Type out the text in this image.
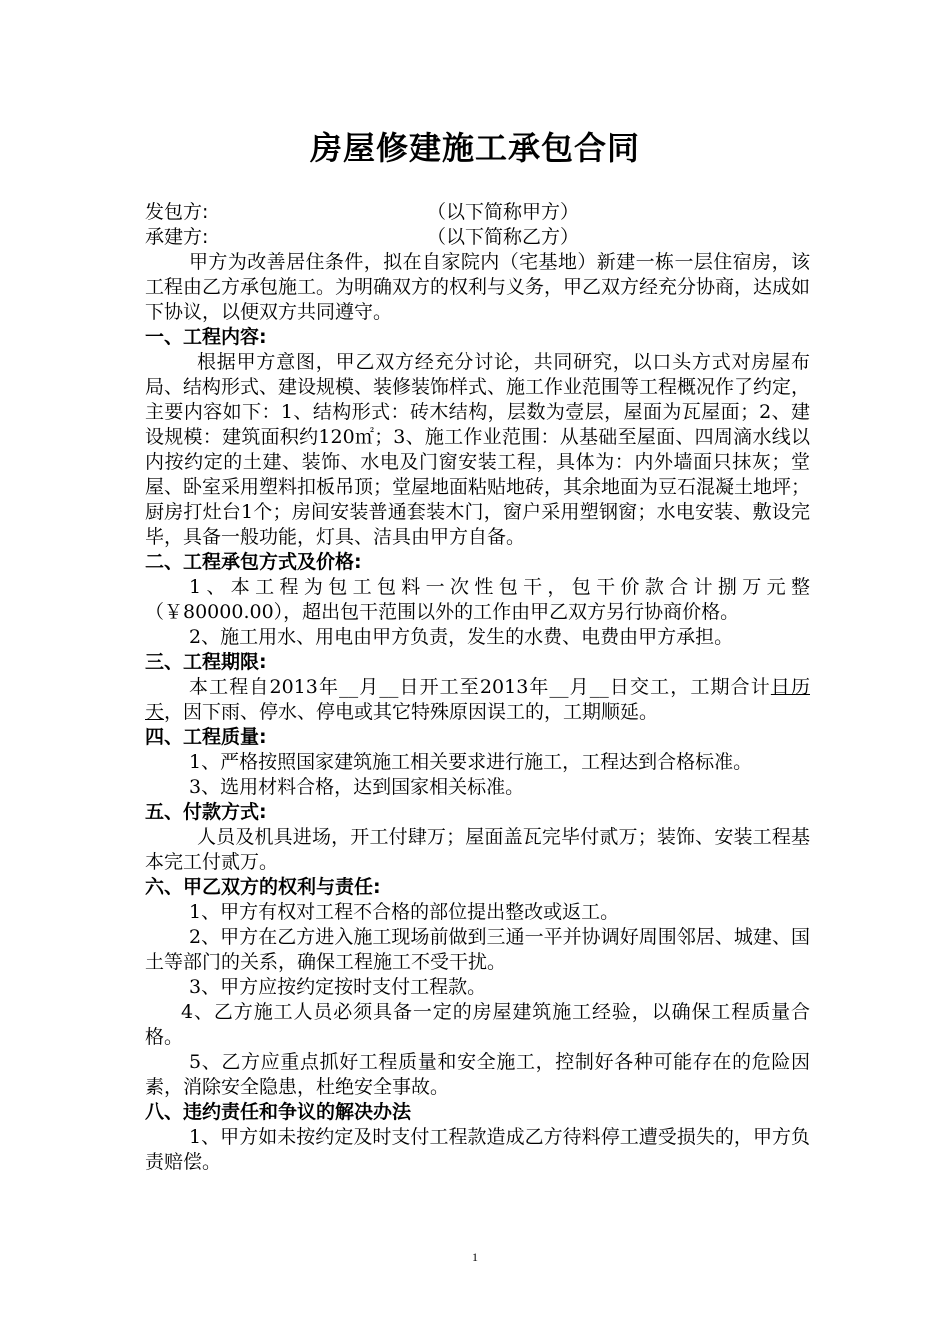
房屋修建施工承包合同
发包方:	（以下简称甲方）
承建方:	（以下简称乙方）

甲方为改善居住条件，拟在自家院内（宅基地）新建一栋一层住宿房，该工程由乙方承包施工。为明确双方的权利与义务，甲乙双方经充分协商，达成如下协议，以便双方共同遵守。

一、工程内容:

根据甲方意图，甲乙双方经充分讨论，共同研究，以口头方式对房屋布局、结构形式、建设规模、装修装饰样式、施工作业范围等工程概况作了约定，主要内容如下：1、结构形式：砖木结构，层数为壹层，屋面为瓦屋面；2、建设规模：建筑面积约120㎡；3、施工作业范围：从基础至屋面、四周滴水线以内按约定的土建、装饰、水电及门窗安装工程，具体为：内外墙面只抹灰；堂屋、卧室采用塑料扣板吊顶；堂屋地面粘贴地砖，其余地面为豆石混凝土地坪；厨房打灶台1个；房间安装普通套装木门，窗户采用塑钢窗；水电安装、敷设完毕，具备一般功能，灯具、洁具由甲方自备。

二、工程承包方式及价格:

1、本工程为包工包料一次性包干，包干价款合计捌万元整（￥80000.00），超出包干范围以外的工作由甲乙双方另行协商价格。

2、施工用水、用电由甲方负责，发生的水费、电费由甲方承担。

三、工程期限:

本工程自2013年__月__日开工至2013年__月__日交工，工期合计日历天，因下雨、停水、停电或其它特殊原因误工的，工期顺延。

四、工程质量:

1、严格按照国家建筑施工相关要求进行施工，工程达到合格标准。

3、选用材料合格，达到国家相关标准。

五、付款方式:

人员及机具进场，开工付肆万；屋面盖瓦完毕付贰万；装饰、安装工程基本完工付贰万。

六、甲乙双方的权利与责任:

1、甲方有权对工程不合格的部位提出整改或返工。

2、甲方在乙方进入施工现场前做到三通一平并协调好周围邻居、城建、国土等部门的关系，确保工程施工不受干扰。

3、甲方应按约定按时支付工程款。

4、乙方施工人员必须具备一定的房屋建筑施工经验，以确保工程质量合格。

5、乙方应重点抓好工程质量和安全施工，控制好各种可能存在的危险因素，消除安全隐患，杜绝安全事故。

八、违约责任和争议的解决办法

1、甲方如未按约定及时支付工程款造成乙方待料停工遭受损失的，甲方负责赔偿。

1
